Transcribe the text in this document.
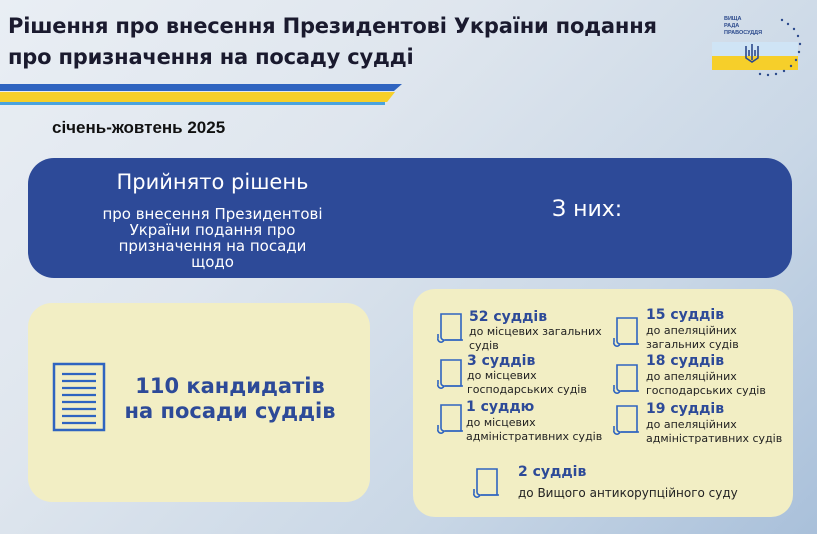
Рішення про внесення Президентові України подання
про призначення на посаду судді
січень-жовтень 2025
ВИЩА
РАДА
ПРАВОСУДДЯ
Прийнято рішень
про внесення Президентові України подання про призначення на посади щодо
З них:
110 кандидатів
на посади суддів
52 суддів
до місцевих загальних
судів
3 суддів
до місцевих
господарських судів
1 суддю
до місцевих
адміністративних судів
15 суддів
до апеляційних
загальних судів
18 суддів
до апеляційних
господарських судів
19 суддів
до апеляційних
адміністративних судів
2 суддів
до Вищого антикорупційного суду
